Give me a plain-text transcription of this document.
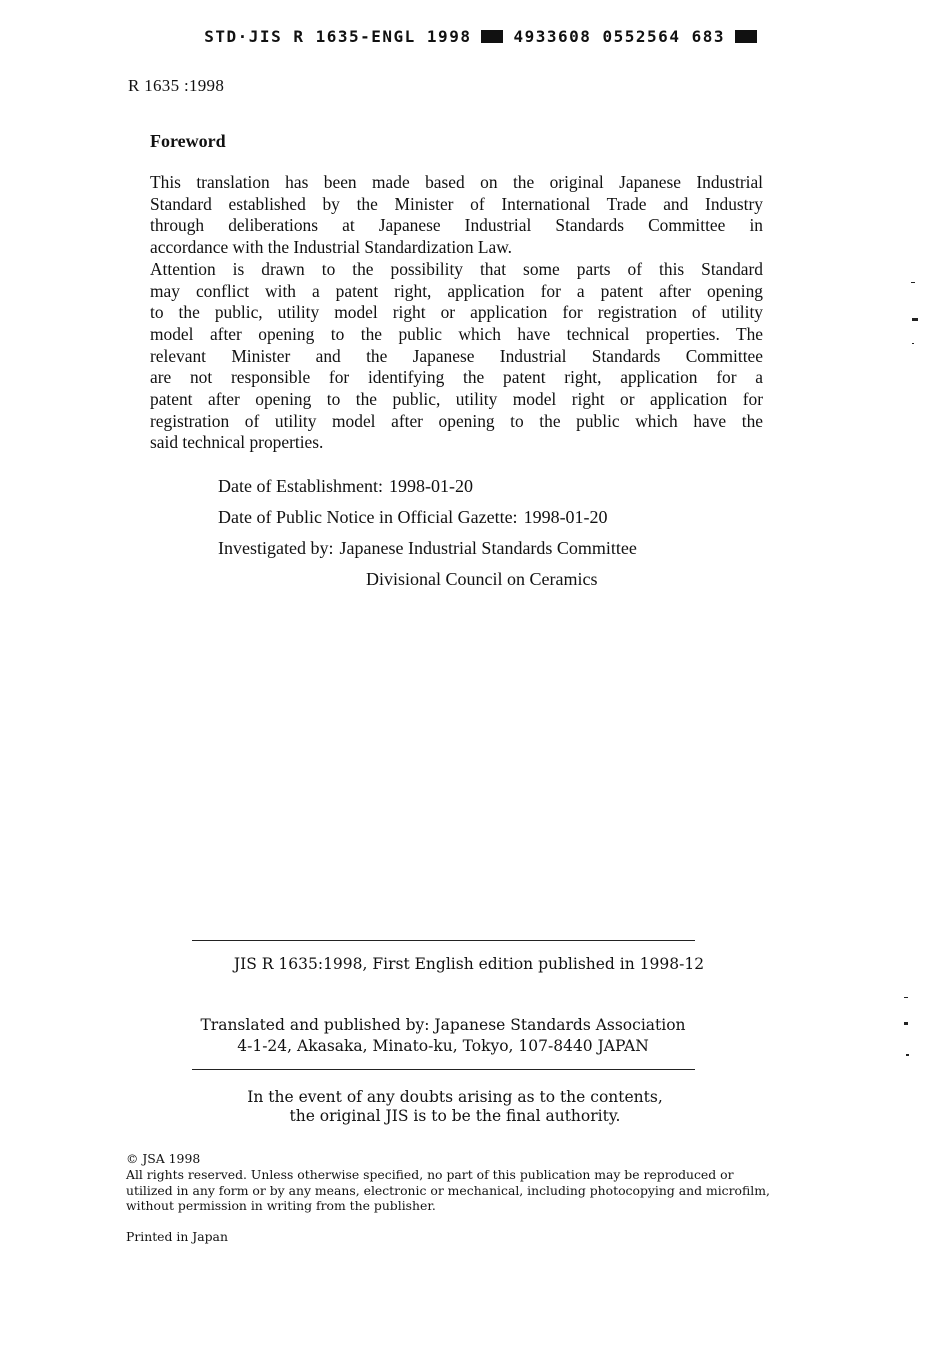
STD·JIS R 1635-ENGL 1998	4933608 0552564 683

R 1635 :1998
Foreword
This translation has been made based on the original Japanese Industrial
Standard established by the Minister of International Trade and Industry
through deliberations at Japanese Industrial Standards Committee in
accordance with the Industrial Standardization Law.
Attention is drawn to the possibility that some parts of this Standard
may conflict with a patent right, application for a patent after opening
to the public, utility model right or application for registration of utility
model after opening to the public which have technical properties. The
relevant Minister and the Japanese Industrial Standards Committee
are not responsible for identifying the patent right, application for a
patent after opening to the public, utility model right or application for
registration of utility model after opening to the public which have the
said technical properties.
Date of Establishment: 1998-01-20
Date of Public Notice in Official Gazette: 1998-01-20
Investigated by: Japanese Industrial Standards Committee
Divisional Council on Ceramics
JIS R 1635:1998, First English edition published in 1998-12
Translated and published by: Japanese Standards Association
4-1-24, Akasaka, Minato-ku, Tokyo, 107-8440 JAPAN
In the event of any doubts arising as to the contents,
the original JIS is to be the final authority.
© JSA 1998
All rights reserved. Unless otherwise specified, no part of this publication may be reproduced or
utilized in any form or by any means, electronic or mechanical, including photocopying and microfilm,
without permission in writing from the publisher.
Printed in Japan
